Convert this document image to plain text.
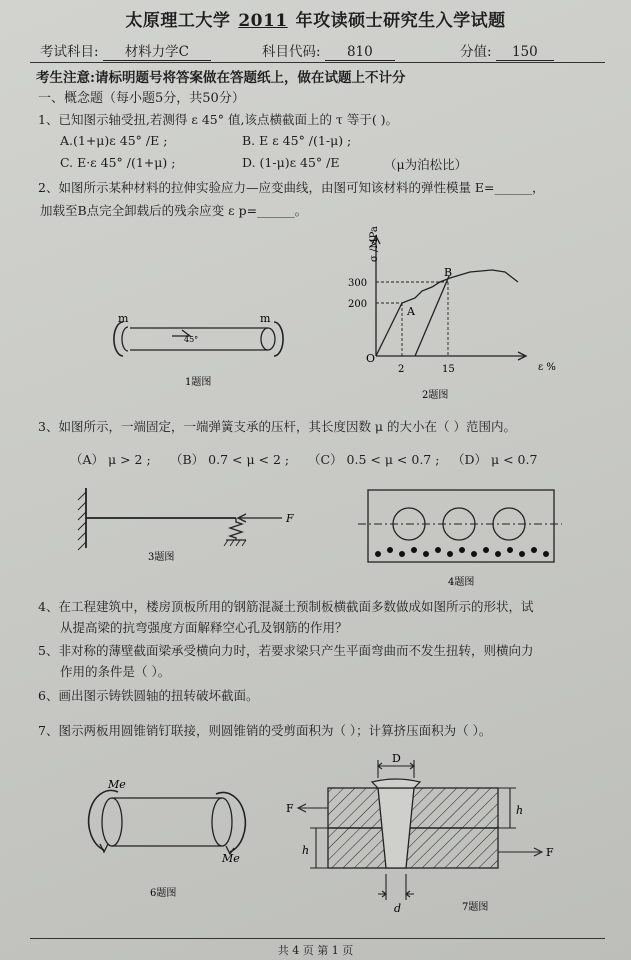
太原理工大学 2011 年攻读硕士研究生入学试题
考试科目: 材料力学C	科目代码: 810	分值: 150
考生注意:请标明题号将答案做在答题纸上，做在试题上不计分
一、概念题（每小题5分，共50分）
1、已知图示轴受扭,若测得 ε 45° 值,该点横截面上的 τ 等于( )。
A.(1+μ)ε 45° /E ;	B. E ε 45° /(1-μ) ;
C. E·ε 45° /(1+μ) ;	D. (1-μ)ε 45° /E	（μ为泊松比）
2、如图所示某种材料的拉伸实验应力—应变曲线，由图可知该材料的弹性模量 E=______，
加载至B点完全卸载后的残余应变 ε p=______。
m	m
45°
1题图
σ /MPa
300
200
O
2	15
A
B
ε %
2题图
3、如图所示，一端固定，一端弹簧支承的压杆，其长度因数 μ 的大小在（ ）范围内。
（A） μ > 2 ; （B） 0.7 < μ < 2 ; （C） 0.5 < μ < 0.7 ; （D） μ < 0.7
F
3题图
4题图
4、在工程建筑中，楼房顶板所用的钢筋混凝土预制板横截面多数做成如图所示的形状，试
从提高梁的抗弯强度方面解释空心孔及钢筋的作用？
5、非对称的薄壁截面梁承受横向力时，若要求梁只产生平面弯曲而不发生扭转，则横向力
作用的条件是（ ）。
6、画出图示铸铁圆轴的扭转破坏截面。
7、图示两板用圆锥销钉联接，则圆锥销的受剪面积为（ ）；计算挤压面积为（ ）。
Me
Me
6题图
D
d
h
h
F
F
7题图
共 4 页 第 1 页
